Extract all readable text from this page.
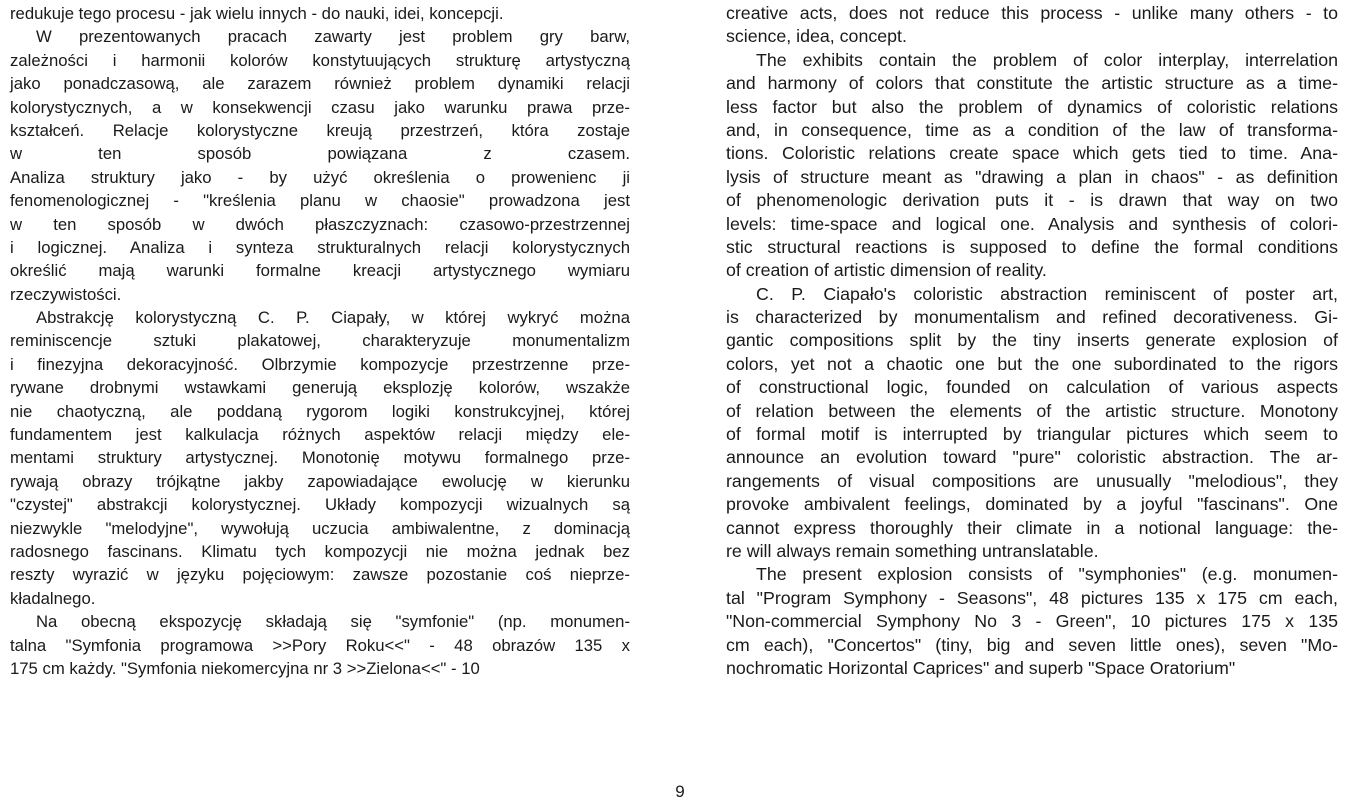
redukuje tego procesu - jak wielu innych - do nauki, idei, koncepcji.
W prezentowanych pracach zawarty jest problem gry barw,
zależności i harmonii kolorów konstytuujących strukturę artystyczną
jako ponadczasową, ale zarazem również problem dynamiki relacji
kolorystycznych, a w konsekwencji czasu jako warunku prawa prze-
kształceń. Relacje kolorystyczne kreują przestrzeń, która zostaje
w ten sposób powiązana z czasem.
Analiza struktury jako - by użyć określenia o prowenienc ji
fenomenologicznej - "kreślenia planu w chaosie" prowadzona jest
w ten sposób w dwóch płaszczyznach: czasowo-przestrzennej
i logicznej. Analiza i synteza strukturalnych relacji kolorystycznych
określić mają warunki formalne kreacji artystycznego wymiaru
rzeczywistości.
Abstrakcję kolorystyczną C. P. Ciapały, w której wykryć można
reminiscencje sztuki plakatowej, charakteryzuje monumentalizm
i finezyjna dekoracyjność. Olbrzymie kompozycje przestrzenne prze-
rywane drobnymi wstawkami generują eksplozję kolorów, wszakże
nie chaotyczną, ale poddaną rygorom logiki konstrukcyjnej, której
fundamentem jest kalkulacja różnych aspektów relacji między ele-
mentami struktury artystycznej. Monotonię motywu formalnego prze-
rywają obrazy trójkątne jakby zapowiadające ewolucję w kierunku
"czystej" abstrakcji kolorystycznej. Układy kompozycji wizualnych są
niezwykle "melodyjne", wywołują uczucia ambiwalentne, z dominacją
radosnego fascinans. Klimatu tych kompozycji nie można jednak bez
reszty wyrazić w języku pojęciowym: zawsze pozostanie coś nieprze-
kładalnego.
Na obecną ekspozycję składają się "symfonie" (np. monumen-
talna "Symfonia programowa >>Pory Roku<<" - 48 obrazów 135 x
175 cm każdy. "Symfonia niekomercyjna nr 3 >>Zielona<<" - 10
creative acts, does not reduce this process - unlike many others - to
science, idea, concept.
The exhibits contain the problem of color interplay, interrelation
and harmony of colors that constitute the artistic structure as a time-
less factor but also the problem of dynamics of coloristic relations
and, in consequence, time as a condition of the law of transforma-
tions. Coloristic relations create space which gets tied to time. Ana-
lysis of structure meant as "drawing a plan in chaos" - as definition
of phenomenologic derivation puts it - is drawn that way on two
levels: time-space and logical one. Analysis and synthesis of colori-
stic structural reactions is supposed to define the formal conditions
of creation of artistic dimension of reality.
C. P. Ciapało's coloristic abstraction reminiscent of poster art,
is characterized by monumentalism and refined decorativeness. Gi-
gantic compositions split by the tiny inserts generate explosion of
colors, yet not a chaotic one but the one subordinated to the rigors
of constructional logic, founded on calculation of various aspects
of relation between the elements of the artistic structure. Monotony
of formal motif is interrupted by triangular pictures which seem to
announce an evolution toward "pure" coloristic abstraction. The ar-
rangements of visual compositions are unusually "melodious", they
provoke ambivalent feelings, dominated by a joyful "fascinans". One
cannot express thoroughly their climate in a notional language: the-
re will always remain something untranslatable.
The present explosion consists of "symphonies" (e.g. monumen-
tal "Program Symphony - Seasons", 48 pictures 135 x 175 cm each,
"Non-commercial Symphony No 3 - Green", 10 pictures 175 x 135
cm each), "Concertos" (tiny, big and seven little ones), seven "Mo-
nochromatic Horizontal Caprices" and superb "Space Oratorium"
9
